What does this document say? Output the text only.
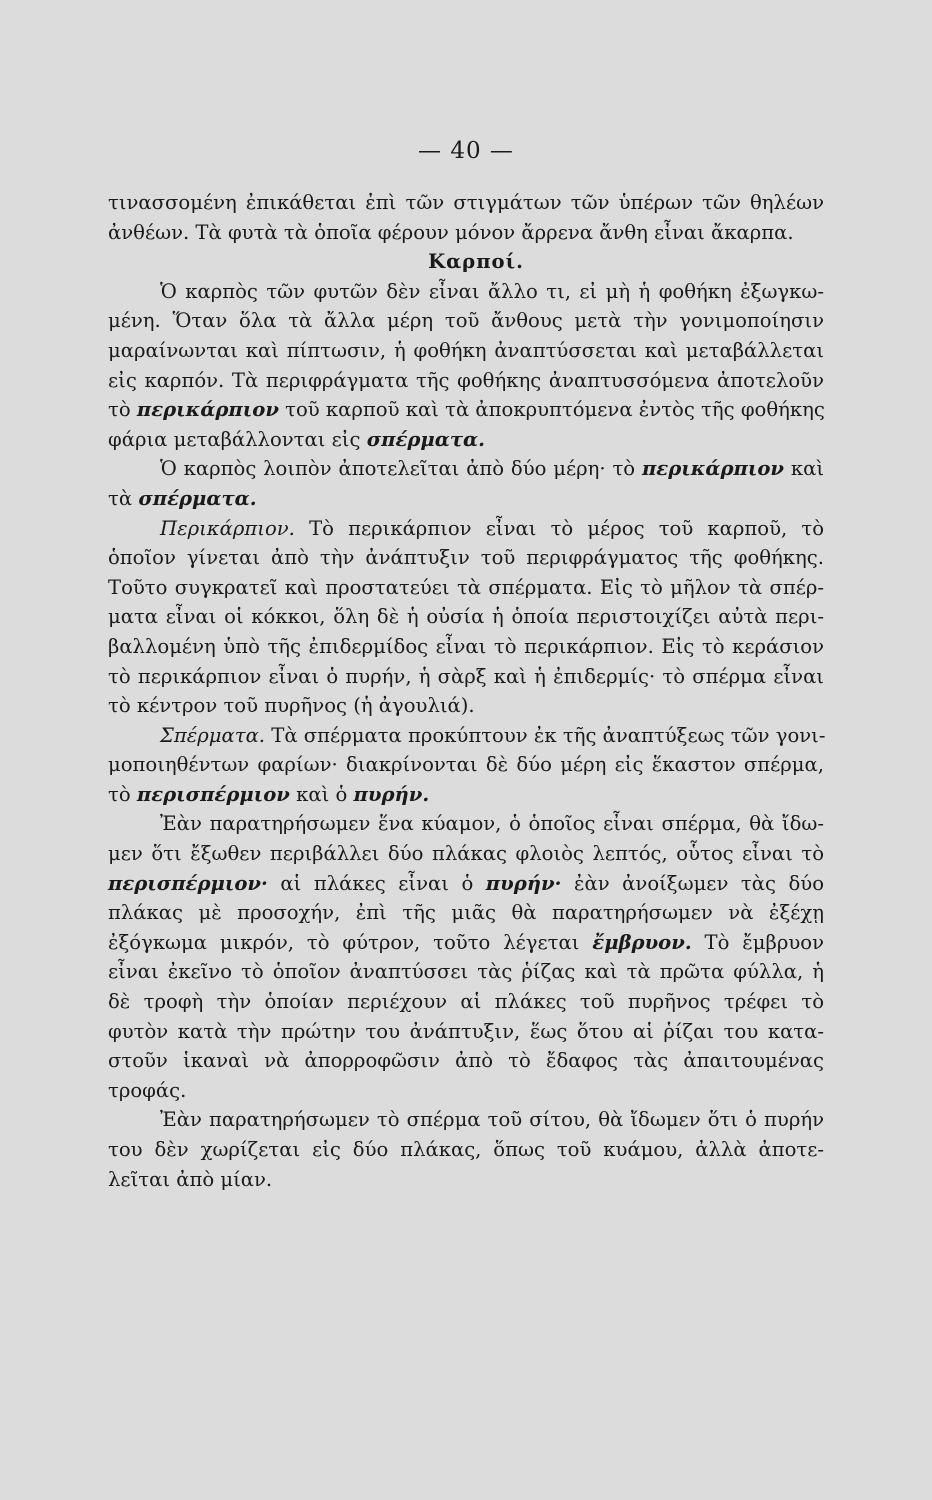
— 40 —
τινασσομένη ἐπικάθεται ἐπὶ τῶν στιγμάτων τῶν ὑπέρων τῶν θηλέων
ἀνθέων. Τὰ φυτὰ τὰ ὁποῖα φέρουν μόνον ἄρρενα ἄνθη εἶναι ἄκαρπα.
Καρποί.
Ὁ καρπὸς τῶν φυτῶν δὲν εἶναι ἄλλο τι, εἰ μὴ ἡ φοθήκη ἐξωγκω-
μένη. Ὅταν ὅλα τὰ ἄλλα μέρη τοῦ ἄνθους μετὰ τὴν γονιμοποίησιν
μαραίνωνται καὶ πίπτωσιν, ἡ φοθήκη ἀναπτύσσεται καὶ μεταβάλλεται
εἰς καρπόν. Τὰ περιφράγματα τῆς φοθήκης ἀναπτυσσόμενα ἀποτελοῦν
τὸ περικάρπιον τοῦ καρποῦ καὶ τὰ ἀποκρυπτόμενα ἐντὸς τῆς φοθήκης
φάρια μεταβάλλονται εἰς σπέρματα.
Ὁ καρπὸς λοιπὸν ἀποτελεῖται ἀπὸ δύο μέρη· τὸ περικάρπιον καὶ
τὰ σπέρματα.
Περικάρπιον. Τὸ περικάρπιον εἶναι τὸ μέρος τοῦ καρποῦ, τὸ
ὁποῖον γίνεται ἀπὸ τὴν ἀνάπτυξιν τοῦ περιφράγματος τῆς φοθήκης.
Τοῦτο συγκρατεῖ καὶ προστατεύει τὰ σπέρματα. Εἰς τὸ μῆλον τὰ σπέρ-
ματα εἶναι οἱ κόκκοι, ὅλη δὲ ἡ οὐσία ἡ ὁποία περιστοιχίζει αὐτὰ περι-
βαλλομένη ὑπὸ τῆς ἐπιδερμίδος εἶναι τὸ περικάρπιον. Εἰς τὸ κεράσιον
τὸ περικάρπιον εἶναι ὁ πυρήν, ἡ σὰρξ καὶ ἡ ἐπιδερμίς· τὸ σπέρμα εἶναι
τὸ κέντρον τοῦ πυρῆνος (ἡ ἀγουλιά).
Σπέρματα. Τὰ σπέρματα προκύπτουν ἐκ τῆς ἀναπτύξεως τῶν γονι-
μοποιηθέντων φαρίων· διακρίνονται δὲ δύο μέρη εἰς ἕκαστον σπέρμα,
τὸ περισπέρμιον καὶ ὁ πυρήν.
Ἐὰν παρατηρήσωμεν ἕνα κύαμον, ὁ ὁποῖος εἶναι σπέρμα, θὰ ἴδω-
μεν ὅτι ἔξωθεν περιβάλλει δύο πλάκας φλοιὸς λεπτός, οὗτος εἶναι τὸ
περισπέρμιον· αἱ πλάκες εἶναι ὁ πυρήν· ἐὰν ἀνοίξωμεν τὰς δύο
πλάκας μὲ προσοχήν, ἐπὶ τῆς μιᾶς θὰ παρατηρήσωμεν νὰ ἐξέχῃ
ἐξόγκωμα μικρόν, τὸ φύτρον, τοῦτο λέγεται ἔμβρυον. Τὸ ἔμβρυον
εἶναι ἐκεῖνο τὸ ὁποῖον ἀναπτύσσει τὰς ῥίζας καὶ τὰ πρῶτα φύλλα, ἡ
δὲ τροφὴ τὴν ὁποίαν περιέχουν αἱ πλάκες τοῦ πυρῆνος τρέφει τὸ
φυτὸν κατὰ τὴν πρώτην του ἀνάπτυξιν, ἕως ὅτου αἱ ῥίζαι του κατα-
στοῦν ἱκαναὶ νὰ ἀπορροφῶσιν ἀπὸ τὸ ἔδαφος τὰς ἀπαιτουμένας
τροφάς.
Ἐὰν παρατηρήσωμεν τὸ σπέρμα τοῦ σίτου, θὰ ἴδωμεν ὅτι ὁ πυρήν
του δὲν χωρίζεται εἰς δύο πλάκας, ὅπως τοῦ κυάμου, ἀλλὰ ἀποτε-
λεῖται ἀπὸ μίαν.
